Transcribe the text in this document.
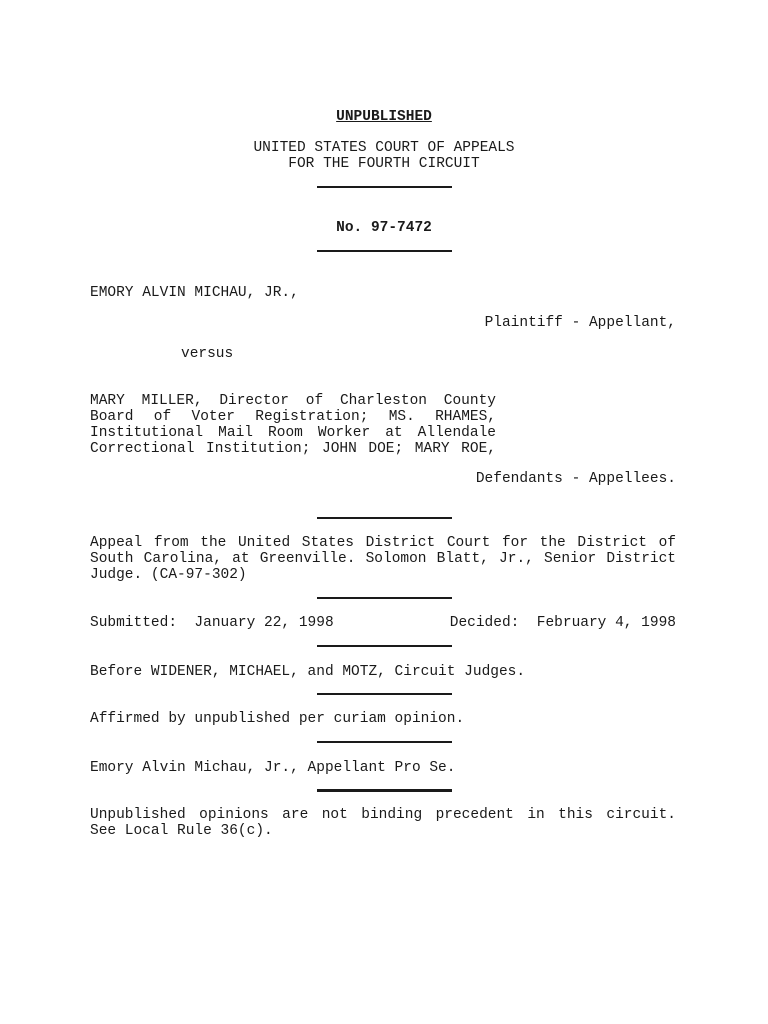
UNPUBLISHED
UNITED STATES COURT OF APPEALS
FOR THE FOURTH CIRCUIT
No. 97-7472
EMORY ALVIN MICHAU, JR.,
Plaintiff - Appellant,
versus
MARY MILLER, Director of Charleston County
Board of Voter Registration; MS. RHAMES,
Institutional Mail Room Worker at Allendale
Correctional Institution; JOHN DOE; MARY ROE,
Defendants - Appellees.
Appeal from the United States District Court for the District of
South Carolina, at Greenville. Solomon Blatt, Jr., Senior District
Judge. (CA-97-302)
Submitted:  January 22, 1998	Decided:  February 4, 1998
Before WIDENER, MICHAEL, and MOTZ, Circuit Judges.
Affirmed by unpublished per curiam opinion.
Emory Alvin Michau, Jr., Appellant Pro Se.
Unpublished opinions are not binding precedent in this circuit.
See Local Rule 36(c).
